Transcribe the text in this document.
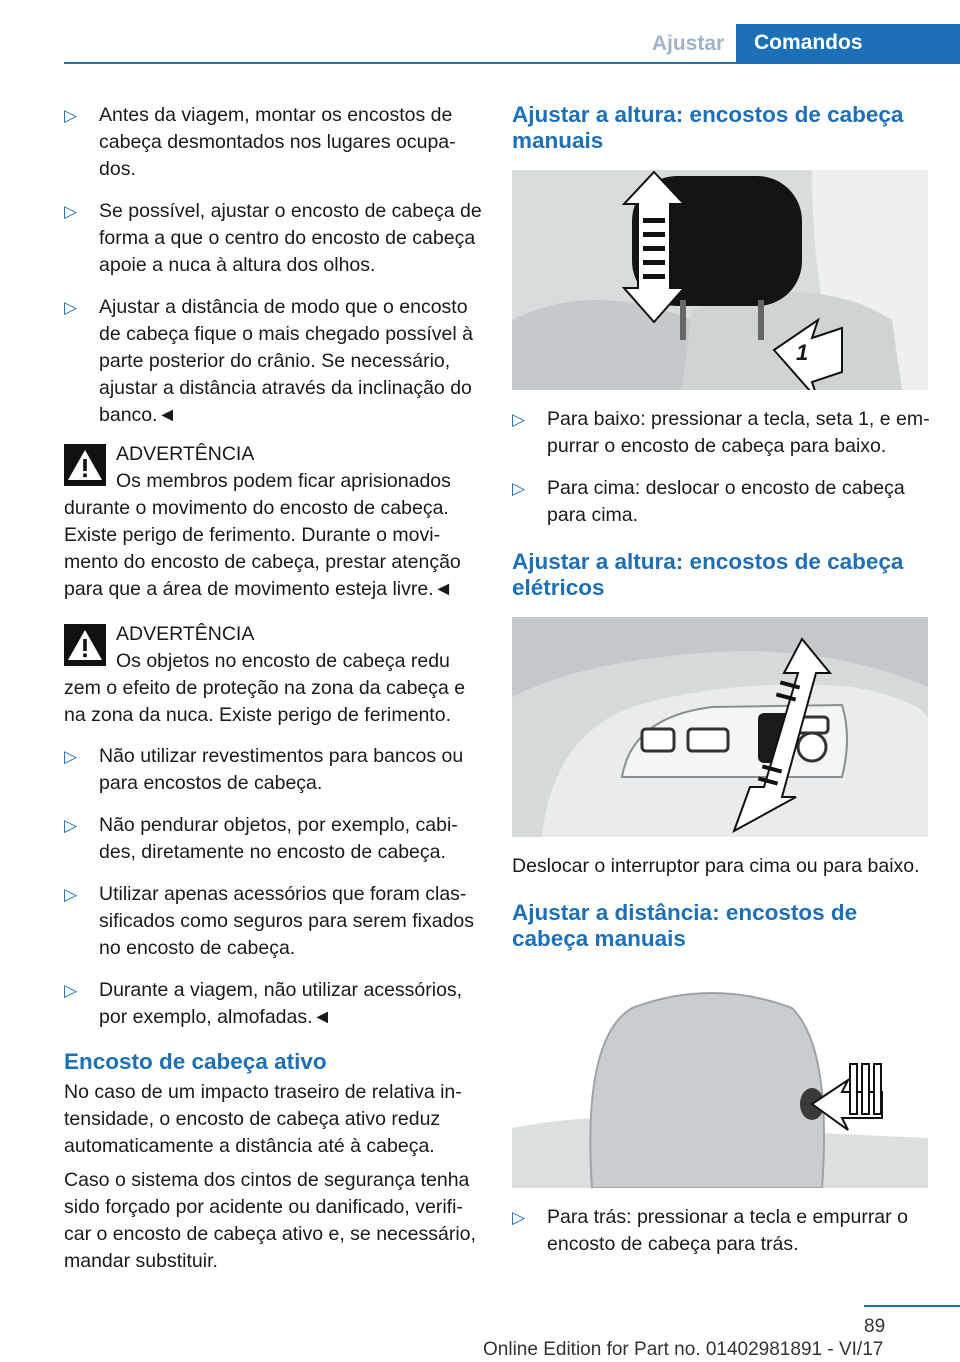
Ajustar	Comandos
▷ Antes da viagem, montar os encostos de cabeça desmontados nos lugares ocupados.
▷ Se possível, ajustar o encosto de cabeça de forma a que o centro do encosto de cabeça apoie a nuca à altura dos olhos.
▷ Ajustar a distância de modo que o encosto de cabeça fique o mais chegado possível à parte posterior do crânio. Se necessário, ajustar a distância através da inclinação do banco.◄
ADVERTÊNCIA
Os membros podem ficar aprisionados
durante o movimento do encosto de cabeça. Existe perigo de ferimento. Durante o movimento do encosto de cabeça, prestar atenção para que a área de movimento esteja livre.◄
ADVERTÊNCIA
Os objetos no encosto de cabeça redu
zem o efeito de proteção na zona da cabeça e na zona da nuca. Existe perigo de ferimento.
▷ Não utilizar revestimentos para bancos ou para encostos de cabeça.
▷ Não pendurar objetos, por exemplo, cabides, diretamente no encosto de cabeça.
▷ Utilizar apenas acessórios que foram classificados como seguros para serem fixados no encosto de cabeça.
▷ Durante a viagem, não utilizar acessórios, por exemplo, almofadas.◄
Encosto de cabeça ativo

No caso de um impacto traseiro de relativa intensidade, o encosto de cabeça ativo reduz automaticamente a distância até à cabeça.

Caso o sistema dos cintos de segurança tenha sido forçado por acidente ou danificado, verificar o encosto de cabeça ativo e, se necessário, mandar substituir.

Ajustar a altura: encostos de cabeça manuais
1
▷ Para baixo: pressionar a tecla, seta 1, e empurrar o encosto de cabeça para baixo.
▷ Para cima: deslocar o encosto de cabeça para cima.
Ajustar a altura: encostos de cabeça elétricos

Deslocar o interruptor para cima ou para baixo.

Ajustar a distância: encostos de cabeça manuais
▷ Para trás: pressionar a tecla e empurrar o encosto de cabeça para trás.
89
Online Edition for Part no. 01402981891 - VI/17
